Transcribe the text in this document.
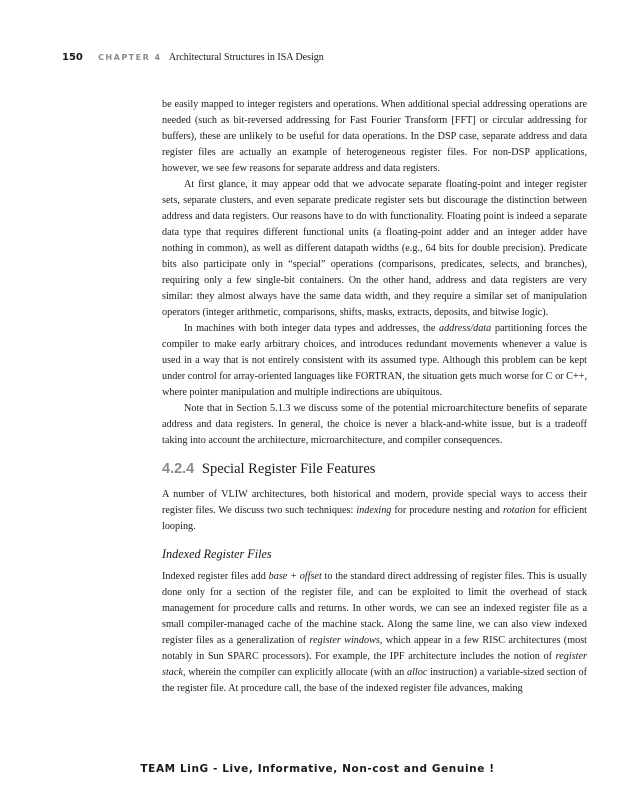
150 CHAPTER 4 Architectural Structures in ISA Design

be easily mapped to integer registers and operations. When additional special addressing operations are needed (such as bit-reversed addressing for Fast Fourier Transform [FFT] or circular addressing for buffers), these are unlikely to be useful for data operations. In the DSP case, separate address and data register files are actually an example of heterogeneous register files. For non-DSP applications, however, we see few reasons for separate address and data registers.

At first glance, it may appear odd that we advocate separate floating-point and integer register sets, separate clusters, and even separate predicate register sets but discourage the distinction between address and data registers. Our reasons have to do with functionality. Floating point is indeed a separate data type that requires different functional units (a floating-point adder and an integer adder have nothing in common), as well as different datapath widths (e.g., 64 bits for double precision). Predicate bits also participate only in “special” operations (comparisons, predicates, selects, and branches), requiring only a few single-bit containers. On the other hand, address and data registers are very similar: they almost always have the same data width, and they require a similar set of manipulation operators (integer arithmetic, comparisons, shifts, masks, extracts, deposits, and bitwise logic).

In machines with both integer data types and addresses, the address/data partitioning forces the compiler to make early arbitrary choices, and introduces redundant movements whenever a value is used in a way that is not entirely consistent with its assumed type. Although this problem can be kept under control for array-oriented languages like FORTRAN, the situation gets much worse for C or C++, where pointer manipulation and multiple indirections are ubiquitous.

Note that in Section 5.1.3 we discuss some of the potential microarchitecture benefits of separate address and data registers. In general, the choice is never a black-and-white issue, but is a tradeoff taking into account the architecture, microarchitecture, and compiler consequences.

4.2.4 Special Register File Features

A number of VLIW architectures, both historical and modern, provide special ways to access their register files. We discuss two such techniques: indexing for procedure nesting and rotation for efficient looping.

Indexed Register Files

Indexed register files add base + offset to the standard direct addressing of register files. This is usually done only for a section of the register file, and can be exploited to limit the overhead of stack management for procedure calls and returns. In other words, we can see an indexed register file as a small compiler-managed cache of the machine stack. Along the same line, we can also view indexed register files as a generalization of register windows, which appear in a few RISC architectures (most notably in Sun SPARC processors). For example, the IPF architecture includes the notion of register stack, wherein the compiler can explicitly allocate (with an alloc instruction) a variable-sized section of the register file. At procedure call, the base of the indexed register file advances, making

TEAM LinG - Live, Informative, Non-cost and Genuine !
